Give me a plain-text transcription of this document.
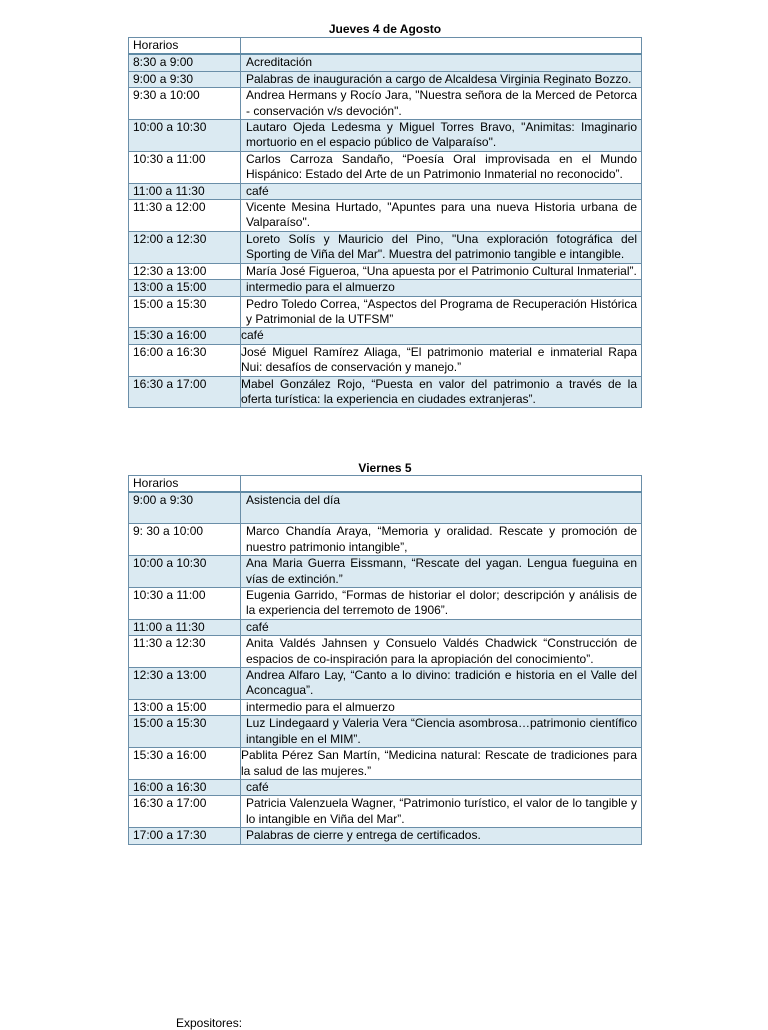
Jueves 4 de Agosto
Horarios	
8:30 a 9:00	Acreditación
9:00 a 9:30	Palabras de inauguración a cargo de Alcaldesa Virginia Reginato Bozzo.
9:30 a 10:00	Andrea Hermans y Rocío Jara, "Nuestra señora de la Merced de Petorca - conservación v/s devoción".
10:00 a 10:30	Lautaro Ojeda Ledesma y Miguel Torres Bravo, "Animitas: Imaginario mortuorio en el espacio público de Valparaíso".
10:30 a 11:00	Carlos Carroza Sandaño, “Poesía Oral improvisada en el Mundo Hispánico: Estado del Arte de un Patrimonio Inmaterial no reconocido”.
11:00 a 11:30	café
11:30 a 12:00	Vicente Mesina Hurtado, "Apuntes para una nueva Historia urbana de Valparaíso".
12:00 a 12:30	Loreto Solís y Mauricio del Pino, "Una exploración fotográfica del Sporting de Viña del Mar". Muestra del patrimonio tangible e intangible.
12:30 a 13:00	María José Figueroa, “Una apuesta por el Patrimonio Cultural Inmaterial”.
13:00 a 15:00	intermedio para el almuerzo
15:00 a 15:30	Pedro Toledo Correa, “Aspectos del Programa de Recuperación Histórica y Patrimonial de la UTFSM”
15:30 a 16:00	café
16:00 a 16:30	José Miguel Ramírez Aliaga, “El patrimonio material e inmaterial Rapa Nui: desafíos de conservación y manejo.”
16:30 a 17:00	Mabel González Rojo, “Puesta en valor del patrimonio a través de la oferta turística: la experiencia en ciudades extranjeras”.
Viernes 5
Horarios	
9:00 a 9:30	Asistencia del día
9: 30 a 10:00	Marco Chandía Araya, “Memoria y oralidad. Rescate y promoción de nuestro patrimonio intangible”,
10:00 a 10:30	Ana Maria Guerra Eissmann, “Rescate del yagan. Lengua fueguina en vías de extinción.”
10:30 a 11:00	Eugenia Garrido, “Formas de historiar el dolor; descripción y análisis de la experiencia del terremoto de 1906”.
11:00 a 11:30	café
11:30 a 12:30	Anita Valdés Jahnsen y Consuelo Valdés Chadwick “Construcción de espacios de co-inspiración para la apropiación del conocimiento”.
12:30 a 13:00	Andrea Alfaro Lay, “Canto a lo divino: tradición e historia en el Valle del Aconcagua”.
13:00 a 15:00	intermedio para el almuerzo
15:00 a 15:30	Luz Lindegaard y Valeria Vera “Ciencia asombrosa…patrimonio científico intangible en el MIM”.
15:30 a 16:00	Pablita Pérez San Martín, “Medicina natural: Rescate de tradiciones para la salud de las mujeres.”
16:00 a 16:30	café
16:30 a 17:00	Patricia Valenzuela Wagner, “Patrimonio turístico, el valor de lo tangible y lo intangible en Viña del Mar”.
17:00 a 17:30	Palabras de cierre y entrega de certificados.
Expositores:
